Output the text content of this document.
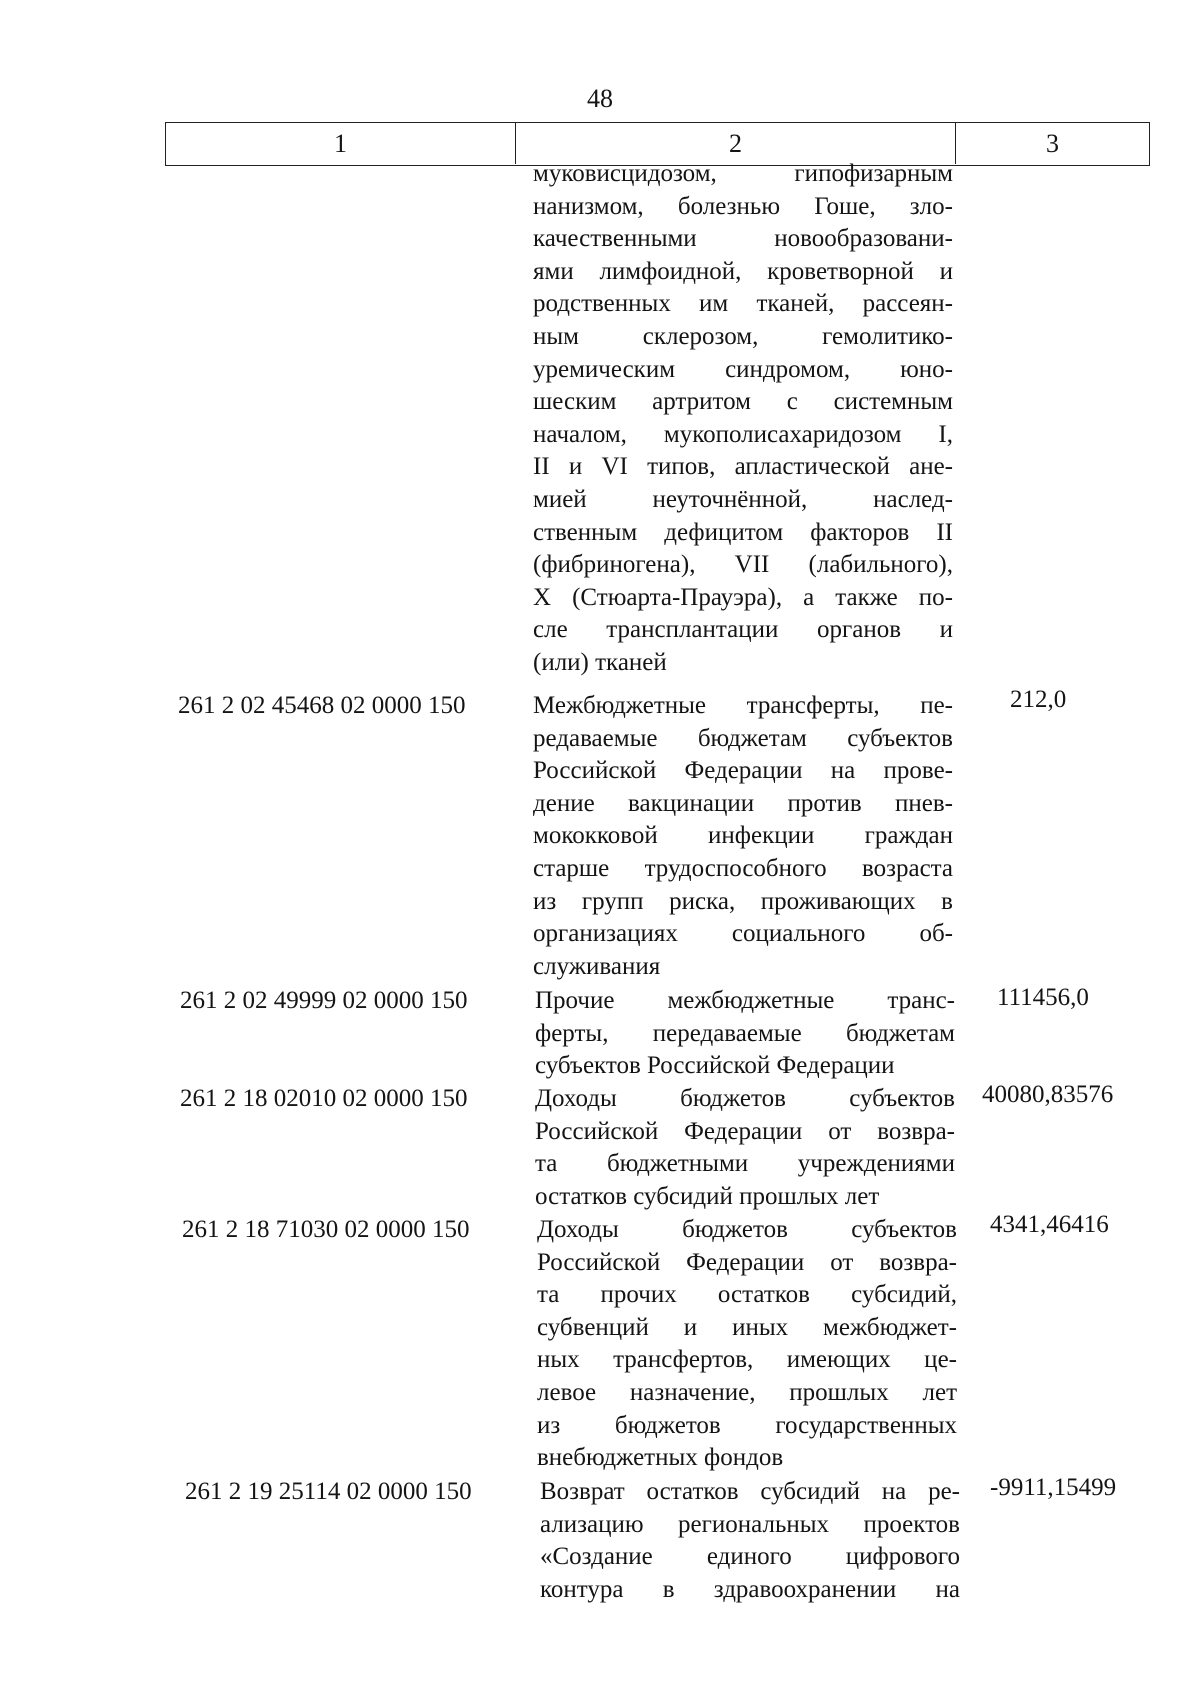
48
1	2	3
муковисцидозом, гипофизарным
нанизмом, болезнью Гоше, зло-
качественными новообразовани-
ями лимфоидной, кроветворной и
родственных им тканей, рассеян-
ным склерозом, гемолитико-
уремическим синдромом, юно-
шеским артритом с системным
началом, мукополисахаридозом I,
II и VI типов, апластической ане-
мией неуточнённой, наслед-
ственным дефицитом факторов II
(фибриногена), VII (лабильного),
X (Стюарта-Прауэра), а также по-
сле трансплантации органов и
(или) тканей
261 2 02 45468 02 0000 150	Межбюджетные трансферты, пе-
редаваемые бюджетам субъектов
Российской Федерации на прове-
дение вакцинации против пнев-
мококковой инфекции граждан
старше трудоспособного возраста
из групп риска, проживающих в
организациях социального об-
служивания
212,0
261 2 02 49999 02 0000 150	Прочие межбюджетные транс-
ферты, передаваемые бюджетам
субъектов Российской Федерации
111456,0
261 2 18 02010 02 0000 150	Доходы бюджетов субъектов
Российской Федерации от возвра-
та бюджетными учреждениями
остатков субсидий прошлых лет
40080,83576
261 2 18 71030 02 0000 150	Доходы бюджетов субъектов
Российской Федерации от возвра-
та прочих остатков субсидий,
субвенций и иных межбюджет-
ных трансфертов, имеющих це-
левое назначение, прошлых лет
из бюджетов государственных
внебюджетных фондов
4341,46416
261 2 19 25114 02 0000 150	Возврат остатков субсидий на ре-
ализацию региональных проектов
«Создание единого цифрового
контура в здравоохранении на
-9911,15499
